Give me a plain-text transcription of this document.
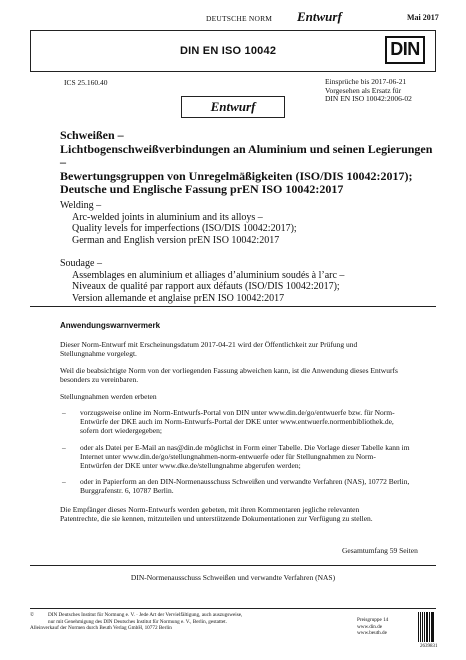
DEUTSCHE NORM Entwurf	Mai 2017
DIN EN ISO 10042	DIN
ICS 25.160.40	Einsprüche bis 2017-06-21
Vorgesehen als Ersatz für
DIN EN ISO 10042:2006-02
Entwurf
Schweißen –
Lichtbogenschweißverbindungen an Aluminium und seinen Legierungen –
Bewertungsgruppen von Unregelmäßigkeiten (ISO/DIS 10042:2017);
Deutsche und Englische Fassung prEN ISO 10042:2017
Welding –
Arc-welded joints in aluminium and its alloys –
Quality levels for imperfections (ISO/DIS 10042:2017);
German and English version prEN ISO 10042:2017
Soudage –
Assemblages en aluminium et alliages d’aluminium soudés à l’arc –
Niveaux de qualité par rapport aux défauts (ISO/DIS 10042:2017);
Version allemande et anglaise prEN ISO 10042:2017
Anwendungswarnvermerk
Dieser Norm-Entwurf mit Erscheinungsdatum 2017-04-21 wird der Öffentlichkeit zur Prüfung und
Stellungnahme vorgelegt.
Weil die beabsichtigte Norm von der vorliegenden Fassung abweichen kann, ist die Anwendung dieses Entwurfs
besonders zu vereinbaren.
Stellungnahmen werden erbeten
– vorzugsweise online im Norm-Entwurfs-Portal von DIN unter www.din.de/go/entwuerfe bzw. für Norm-
Entwürfe der DKE auch im Norm-Entwurfs-Portal der DKE unter www.entwuerfe.normenbibliothek.de,
sofern dort wiedergegeben;
– oder als Datei per E-Mail an nas@din.de möglichst in Form einer Tabelle. Die Vorlage dieser Tabelle kann im
Internet unter www.din.de/go/stellungnahmen-norm-entwuerfe oder für Stellungnahmen zu Norm-
Entwürfen der DKE unter www.dke.de/stellungnahme abgerufen werden;
– oder in Papierform an den DIN-Normenausschuss Schweißen und verwandte Verfahren (NAS), 10772 Berlin,
Burggrafenstr. 6, 10787 Berlin.
Die Empfänger dieses Norm-Entwurfs werden gebeten, mit ihren Kommentaren jegliche relevanten
Patentrechte, die sie kennen, mitzuteilen und unterstützende Dokumentationen zur Verfügung zu stellen.
Gesamtumfang 59 Seiten
DIN-Normenausschuss Schweißen und verwandte Verfahren (NAS)
©	DIN Deutsches Institut für Normung e. V. · Jede Art der Vervielfältigung, auch auszugsweise,
nur mit Genehmigung des DIN Deutsches Institut für Normung e. V., Berlin, gestattet.
Alleinverkauf der Normen durch Beuth Verlag GmbH, 10772 Berlin
Preisgruppe 14
www.din.de
www.beuth.de
2639831
